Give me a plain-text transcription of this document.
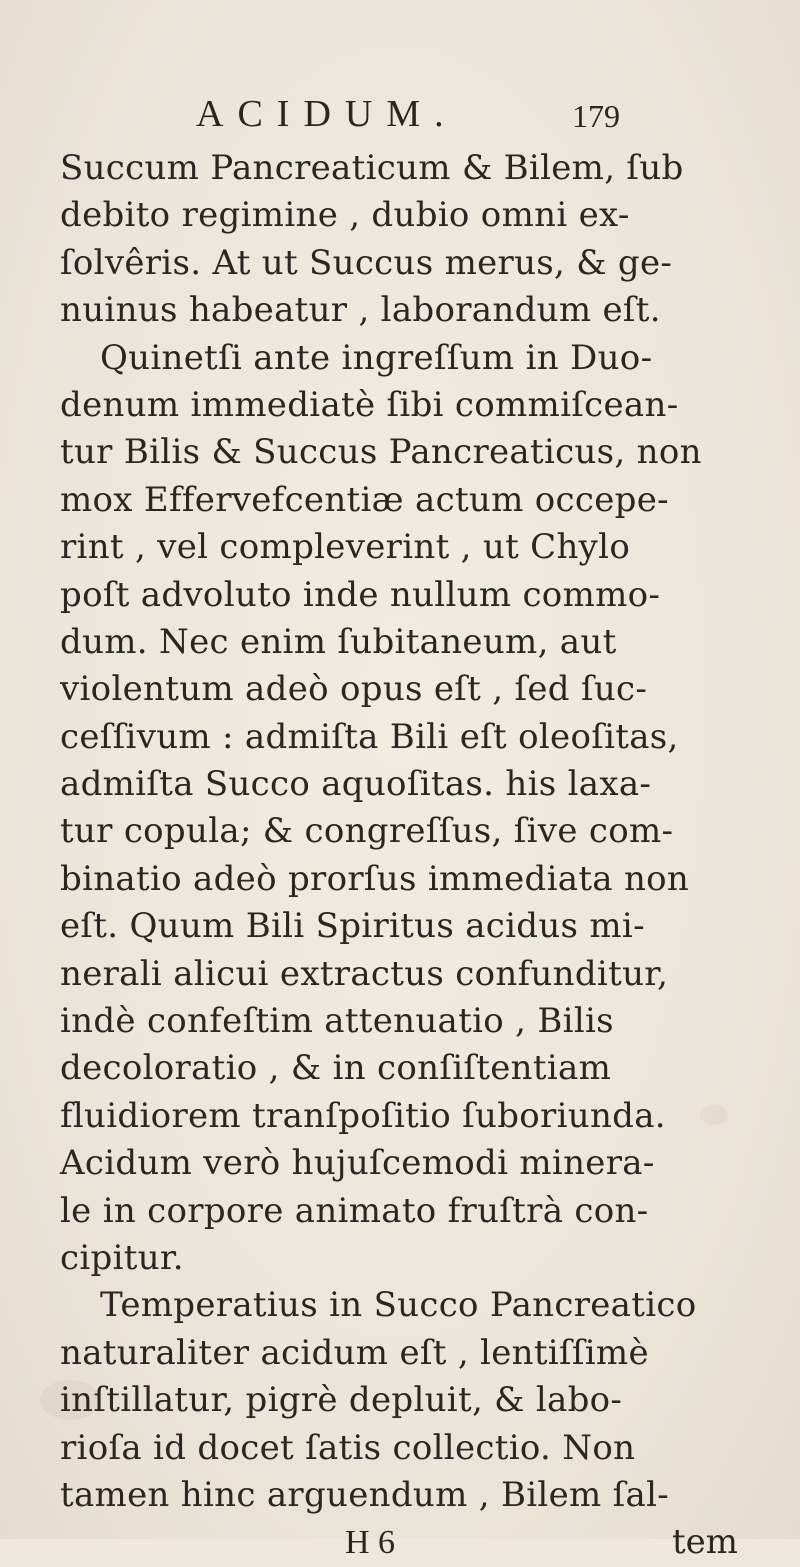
ACIDUM.	179
Succum Pancreaticum & Bilem, ſub
debito regimine , dubio omni ex-
ſolvêris. At ut Succus merus, & ge-
nuinus habeatur , laborandum eſt.
Quinetſi ante ingreſſum in Duo-
denum immediatè ſibi commiſcean-
tur Bilis & Succus Pancreaticus, non
mox Effervefcentiæ actum occepe-
rint , vel compleverint , ut Chylo
poſt advoluto inde nullum commo-
dum. Nec enim ſubitaneum, aut
violentum adeò opus eſt , ſed ſuc-
ceſſivum : admiſta Bili eſt oleoſitas,
admiſta Succo aquoſitas. his laxa-
tur copula; & congreſſus, ſive com-
binatio adeò prorſus immediata non
eſt. Quum Bili Spiritus acidus mi-
nerali alicui extractus confunditur,
indè confeſtim attenuatio , Bilis
decoloratio , & in conſiſtentiam
fluidiorem tranſpoſitio ſuboriunda.
Acidum verò hujuſcemodi minera-
le in corpore animato fruſtrà con-
cipitur.
Temperatius in Succo Pancreatico
naturaliter acidum eſt , lentiſſimè
inſtillatur, pigrè depluit, & labo-
rioſa id docet ſatis collectio. Non
tamen hinc arguendum , Bilem ſal-
H 6	tem
